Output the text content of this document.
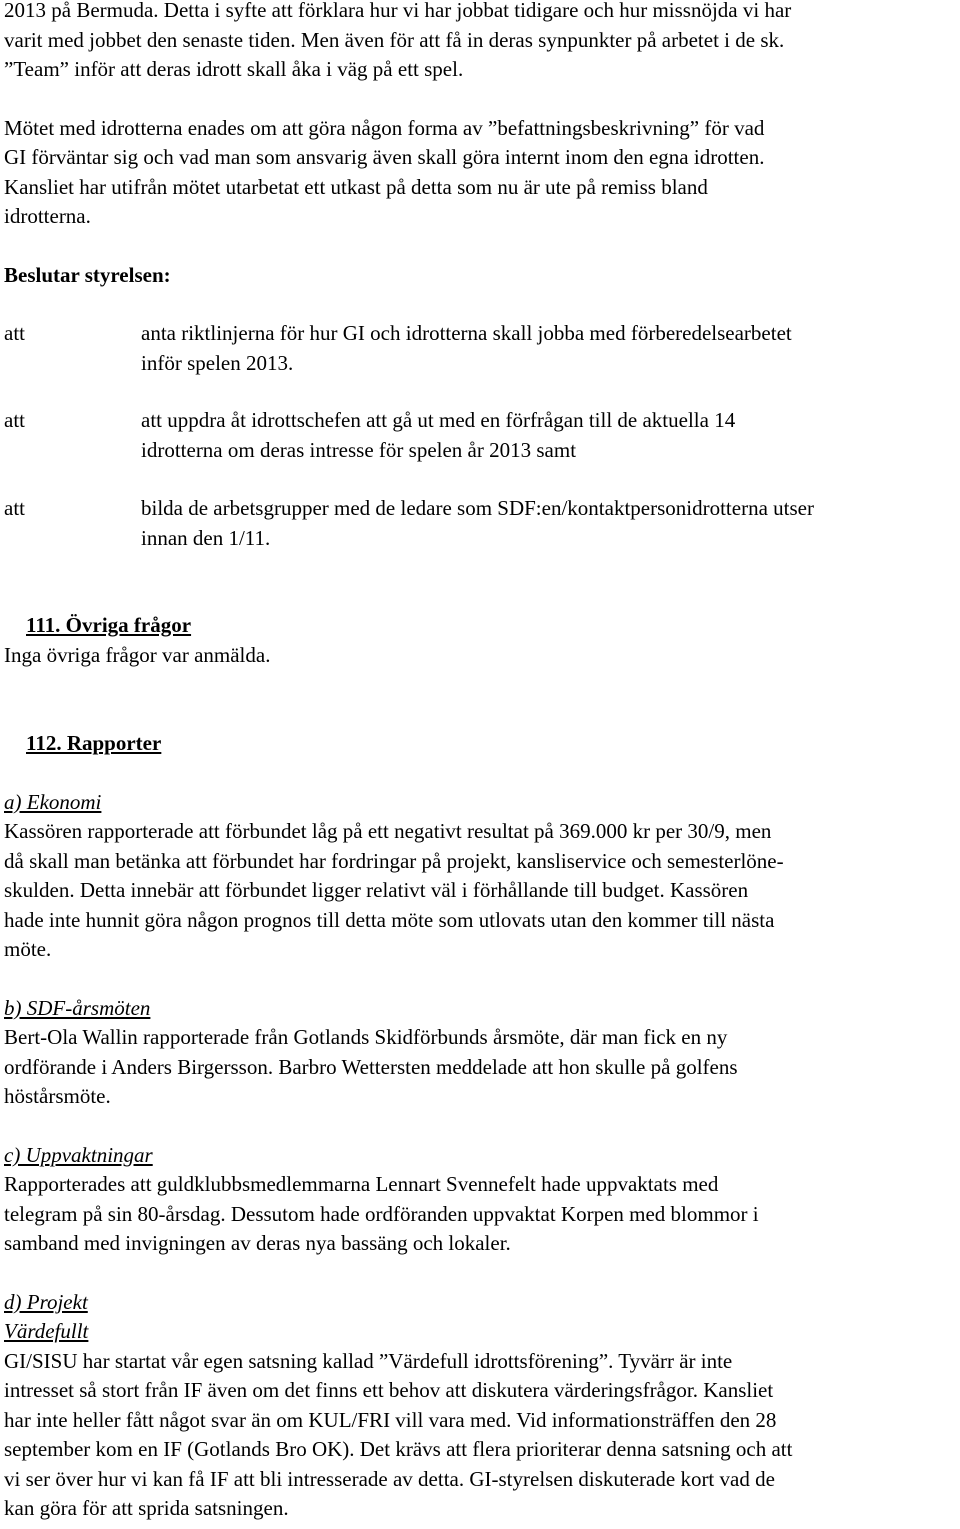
2013 på Bermuda. Detta i syfte att förklara hur vi har jobbat tidigare och hur missnöjda vi har
varit med jobbet den senaste tiden. Men även för att få in deras synpunkter på arbetet i de sk.
”Team” inför att deras idrott skall åka i väg på ett spel.

Mötet med idrotterna enades om att göra någon forma av ”befattningsbeskrivning” för vad
GI förväntar sig och vad man som ansvarig även skall göra internt inom den egna idrotten.
Kansliet har utifrån mötet utarbetat ett utkast på detta som nu är ute på remiss bland
idrotterna.

Beslutar styrelsen:

att	anta riktlinjerna för hur GI och idrotterna skall jobba med förberedelsearbetet
inför spelen 2013.
att	att uppdra åt idrottschefen att gå ut med en förfrågan till de aktuella 14
idrotterna om deras intresse för spelen år 2013 samt
att	bilda de arbetsgrupper med de ledare som SDF:en/kontaktpersonidrotterna utser
innan den 1/11.

111. Övriga frågor

Inga övriga frågor var anmälda.

112. Rapporter

a) Ekonomi

Kassören rapporterade att förbundet låg på ett negativt resultat på 369.000 kr per 30/9, men
då skall man betänka att förbundet har fordringar på projekt, kansliservice och semesterlöne-
skulden. Detta innebär att förbundet ligger relativt väl i förhållande till budget. Kassören
hade inte hunnit göra någon prognos till detta möte som utlovats utan den kommer till nästa
möte.

b) SDF-årsmöten

Bert-Ola Wallin rapporterade från Gotlands Skidförbunds årsmöte, där man fick en ny
ordförande i Anders Birgersson. Barbro Wettersten meddelade att hon skulle på golfens
höstårsmöte.

c) Uppvaktningar

Rapporterades att guldklubbsmedlemmarna Lennart Svennefelt hade uppvaktats med
telegram på sin 80-årsdag. Dessutom hade ordföranden uppvaktat Korpen med blommor i
samband med invigningen av deras nya bassäng och lokaler.

d) Projekt

Värdefullt

GI/SISU har startat vår egen satsning kallad ”Värdefull idrottsförening”. Tyvärr är inte
intresset så stort från IF även om det finns ett behov att diskutera värderingsfrågor. Kansliet
har inte heller fått något svar än om KUL/FRI vill vara med. Vid informationsträffen den 28
september kom en IF (Gotlands Bro OK). Det krävs att flera prioriterar denna satsning och att
vi ser över hur vi kan få IF att bli intresserade av detta. GI-styrelsen diskuterade kort vad de
kan göra för att sprida satsningen.
